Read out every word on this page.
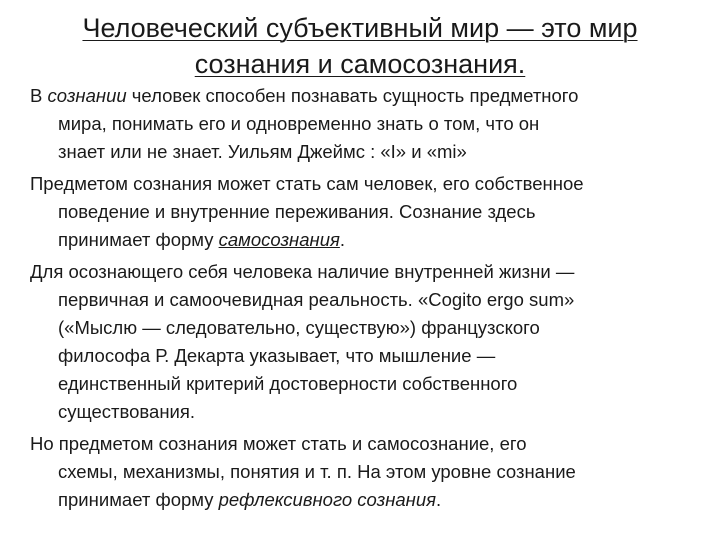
Человеческий субъективный мир — это мир
сознания и самосознания.

В сознании человек способен познавать сущность предметного
мира, понимать его и одновременно знать о том, что он
знает или не знает. Уильям Джеймс : «I» и «mi»

Предметом сознания может стать сам человек, его собственное
поведение и внутренние переживания. Сознание здесь
принимает форму самосознания.

Для осознающего себя человека наличие внутренней жизни —
первичная и самоочевидная реальность. «Cogito ergo sum»
(«Мыслю — следовательно, существую») французского
философа Р. Декарта указывает, что мышление —
единственный критерий достоверности собственного
существования.

Но предметом сознания может стать и самосознание, его
схемы, механизмы, понятия и т. п. На этом уровне сознание
принимает форму рефлексивного сознания.
